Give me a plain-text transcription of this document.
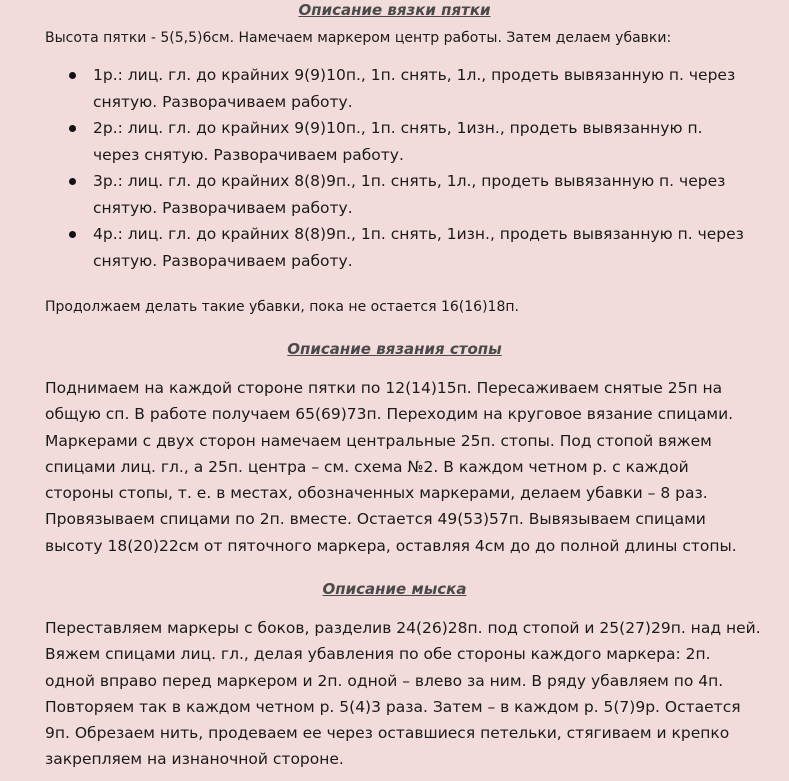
Описание вязки пятки
Высота пятки - 5(5,5)6см. Намечаем маркером центр работы. Затем делаем убавки:
1р.: лиц. гл. до крайних 9(9)10п., 1п. снять, 1л., продеть вывязанную п. через снятую. Разворачиваем работу.
2р.: лиц. гл. до крайних 9(9)10п., 1п. снять, 1изн., продеть вывязанную п. через снятую. Разворачиваем работу.
3р.: лиц. гл. до крайних 8(8)9п., 1п. снять, 1л., продеть вывязанную п. через снятую. Разворачиваем работу.
4р.: лиц. гл. до крайних 8(8)9п., 1п. снять, 1изн., продеть вывязанную п. через снятую. Разворачиваем работу.
Продолжаем делать такие убавки, пока не остается 16(16)18п.
Описание вязания стопы

Поднимаем на каждой стороне пятки по 12(14)15п. Пересаживаем снятые 25п на общую сп. В работе получаем 65(69)73п. Переходим на круговое вязание спицами. Маркерами с двух сторон намечаем центральные 25п. стопы. Под стопой вяжем спицами лиц. гл., а 25п. центра – см. схема №2. В каждом четном р. с каждой стороны стопы, т. е. в местах, обозначенных маркерами, делаем убавки – 8 раз. Провязываем спицами по 2п. вместе. Остается 49(53)57п. Вывязываем спицами высоту 18(20)22см от пяточного маркера, оставляя 4см до до полной длины стопы.

Описание мыска

Переставляем маркеры с боков, разделив 24(26)28п. под стопой и 25(27)29п. над ней. Вяжем спицами лиц. гл., делая убавления по обе стороны каждого маркера: 2п. одной вправо перед маркером и 2п. одной – влево за ним. В ряду убавляем по 4п. Повторяем так в каждом четном р. 5(4)3 раза. Затем – в каждом р. 5(7)9р. Остается 9п. Обрезаем нить, продеваем ее через оставшиеся петельки, стягиваем и крепко закрепляем на изнаночной стороне.
